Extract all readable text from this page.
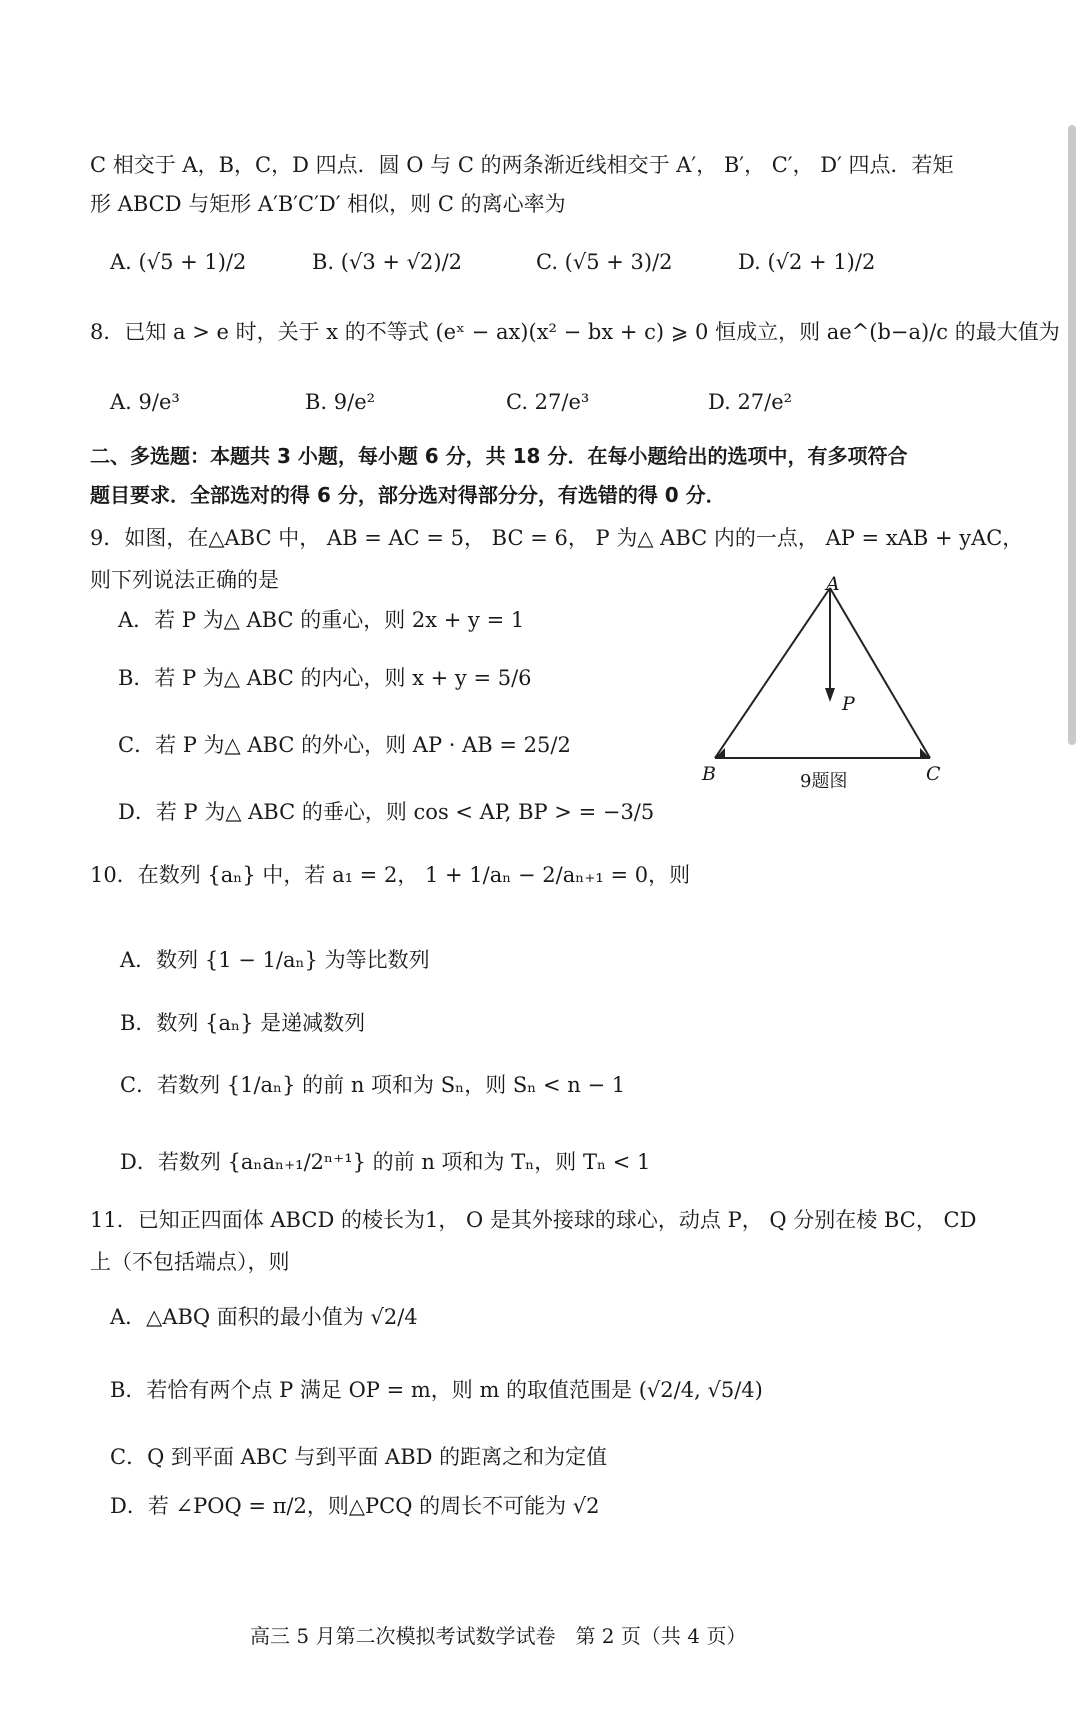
C 相交于 A，B，C，D 四点．圆 O 与 C 的两条渐近线相交于 A′， B′， C′， D′ 四点．若矩
形 ABCD 与矩形 A′B′C′D′ 相似，则 C 的离心率为
A. (√5 + 1)/2	B. (√3 + √2)/2	C. (√5 + 3)/2	D. (√2 + 1)/2
8．已知 a > e 时，关于 x 的不等式 (eˣ − ax)(x² − bx + c) ⩾ 0 恒成立，则 ae^(b−a)/c 的最大值为
A. 9/e³	B. 9/e²	C. 27/e³	D. 27/e²
二、多选题：本题共 3 小题，每小题 6 分，共 18 分．在每小题给出的选项中，有多项符合
题目要求．全部选对的得 6 分，部分选对得部分分，有选错的得 0 分．
9．如图，在△ABC 中， AB = AC = 5， BC = 6， P 为△ ABC 内的一点， AP = xAB + yAC，
则下列说法正确的是
A．若 P 为△ ABC 的重心，则 2x + y = 1
B．若 P 为△ ABC 的内心，则 x + y = 5/6
C．若 P 为△ ABC 的外心，则 AP · AB = 25/2
D．若 P 为△ ABC 的垂心，则 cos < AP, BP > = −3/5
A
P
B	C
9题图
10．在数列 {aₙ} 中，若 a₁ = 2， 1 + 1/aₙ − 2/aₙ₊₁ = 0，则
A．数列 {1 − 1/aₙ} 为等比数列
B．数列 {aₙ} 是递减数列
C．若数列 {1/aₙ} 的前 n 项和为 Sₙ，则 Sₙ < n − 1
D．若数列 {aₙaₙ₊₁/2ⁿ⁺¹} 的前 n 项和为 Tₙ，则 Tₙ < 1
11．已知正四面体 ABCD 的棱长为1， O 是其外接球的球心，动点 P， Q 分别在棱 BC， CD
上（不包括端点），则
A．△ABQ 面积的最小值为 √2/4
B．若恰有两个点 P 满足 OP = m，则 m 的取值范围是 (√2/4, √5/4)
C．Q 到平面 ABC 与到平面 ABD 的距离之和为定值
D．若 ∠POQ = π/2，则△PCQ 的周长不可能为 √2
高三 5 月第二次模拟考试数学试卷　第 2 页（共 4 页）
